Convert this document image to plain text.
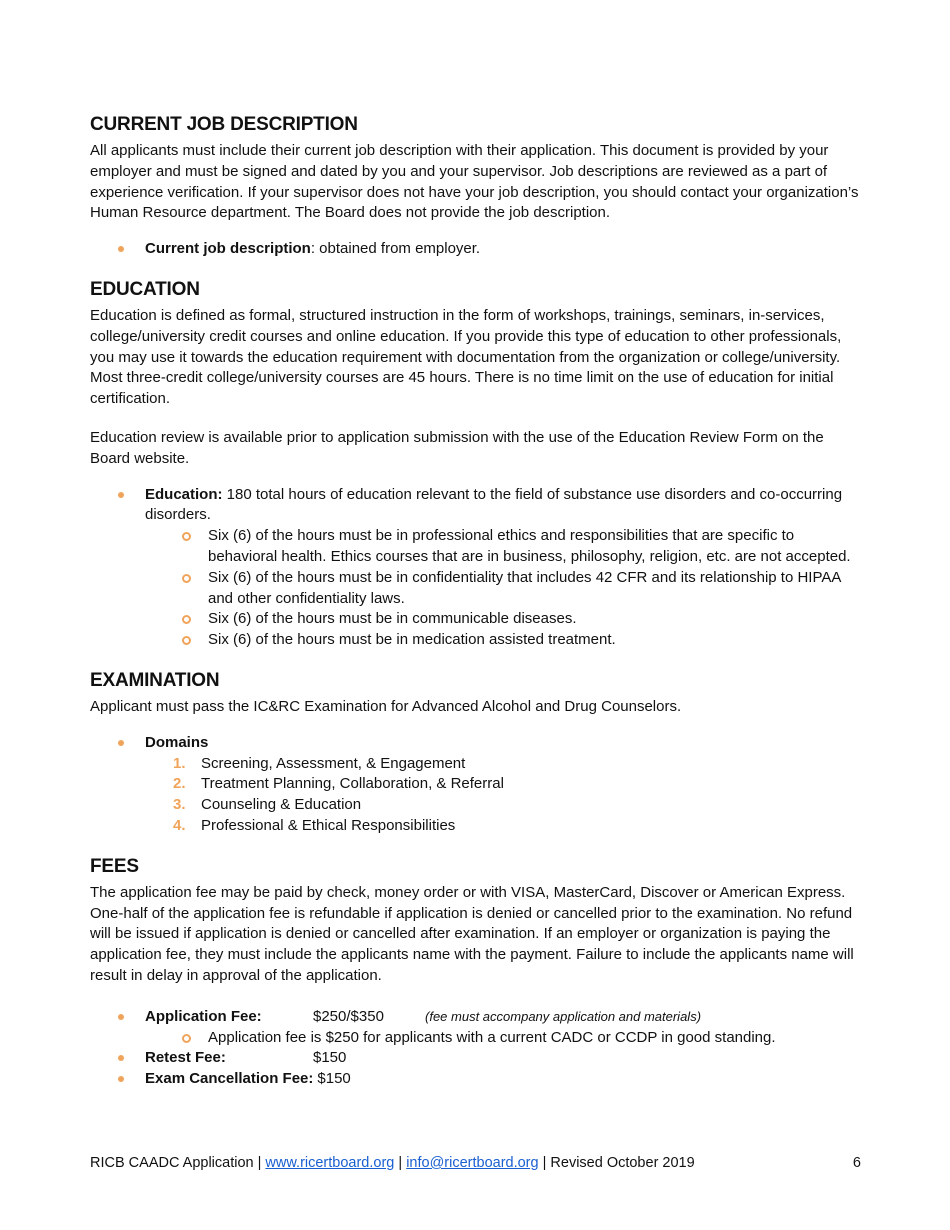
CURRENT JOB DESCRIPTION

All applicants must include their current job description with their application. This document is provided by your employer and must be signed and dated by you and your supervisor. Job descriptions are reviewed as a part of experience verification. If your supervisor does not have your job description, you should contact your organization’s Human Resource department. The Board does not provide the job description.

Current job description: obtained from employer.
EDUCATION

Education is defined as formal, structured instruction in the form of workshops, trainings, seminars, in-services, college/university credit courses and online education. If you provide this type of education to other professionals, you may use it towards the education requirement with documentation from the organization or college/university. Most three-credit college/university courses are 45 hours. There is no time limit on the use of education for initial certification.

Education review is available prior to application submission with the use of the Education Review Form on the Board website.

Education: 180 total hours of education relevant to the field of substance use disorders and co-occurring disorders.
Six (6) of the hours must be in professional ethics and responsibilities that are specific to behavioral health. Ethics courses that are in business, philosophy, religion, etc. are not accepted.
Six (6) of the hours must be in confidentiality that includes 42 CFR and its relationship to HIPAA and other confidentiality laws.
Six (6) of the hours must be in communicable diseases.
Six (6) of the hours must be in medication assisted treatment.
EXAMINATION

Applicant must pass the IC&RC Examination for Advanced Alcohol and Drug Counselors.

Domains
1. Screening, Assessment, & Engagement
2. Treatment Planning, Collaboration, & Referral
3. Counseling & Education
4. Professional & Ethical Responsibilities
FEES

The application fee may be paid by check, money order or with VISA, MasterCard, Discover or American Express. One-half of the application fee is refundable if application is denied or cancelled prior to the examination. No refund will be issued if application is denied or cancelled after examination. If an employer or organization is paying the application fee, they must include the applicants name with the payment. Failure to include the applicants name will result in delay in approval of the application.

Application Fee:	$250/$350	(fee must accompany application and materials)
Application fee is $250 for applicants with a current CADC or CCDP in good standing.
Retest Fee:	$150
Exam Cancellation Fee: $150
RICB CAADC Application | www.ricertboard.org | info@ricertboard.org | Revised October 2019	6
